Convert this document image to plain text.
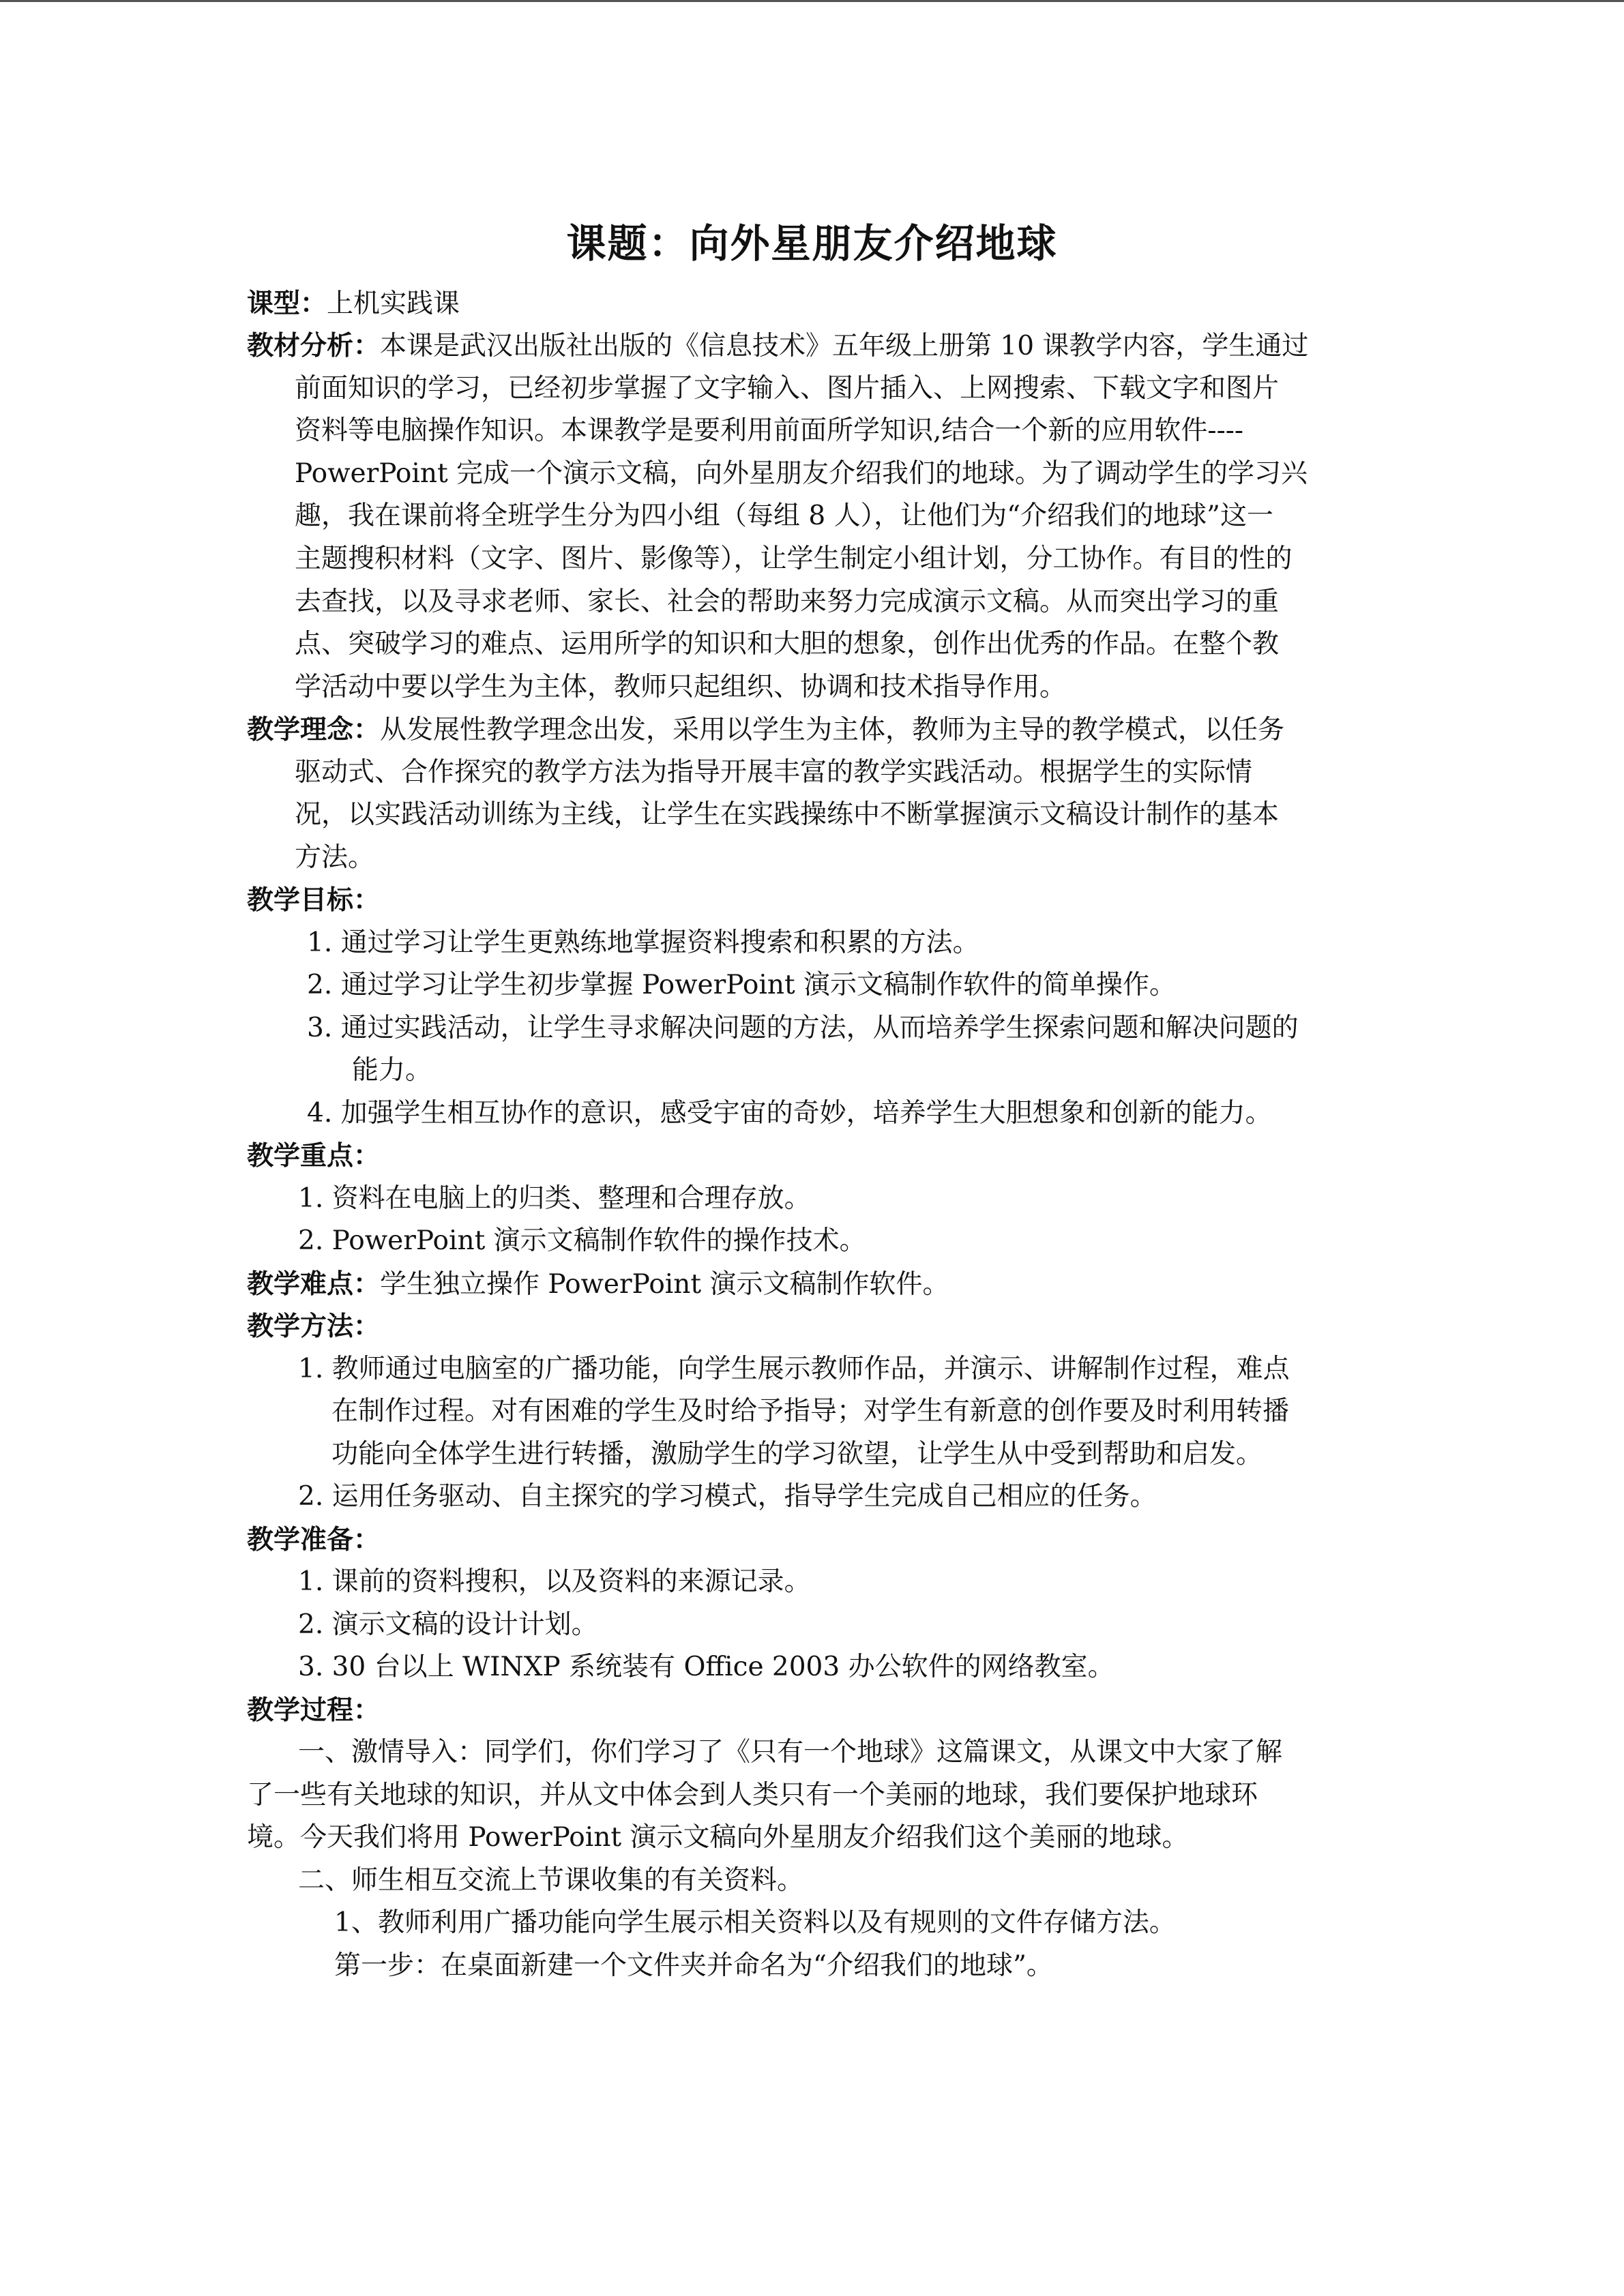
课题：向外星朋友介绍地球
课型：上机实践课
教材分析：本课是武汉出版社出版的《信息技术》五年级上册第 10 课教学内容，学生通过
前面知识的学习，已经初步掌握了文字输入、图片插入、上网搜索、下载文字和图片
资料等电脑操作知识。本课教学是要利用前面所学知识,结合一个新的应用软件----
PowerPoint 完成一个演示文稿，向外星朋友介绍我们的地球。为了调动学生的学习兴
趣，我在课前将全班学生分为四小组（每组 8 人），让他们为“介绍我们的地球”这一
主题搜积材料（文字、图片、影像等），让学生制定小组计划，分工协作。有目的性的
去查找，以及寻求老师、家长、社会的帮助来努力完成演示文稿。从而突出学习的重
点、突破学习的难点、运用所学的知识和大胆的想象，创作出优秀的作品。在整个教
学活动中要以学生为主体，教师只起组织、协调和技术指导作用。
教学理念：从发展性教学理念出发，采用以学生为主体，教师为主导的教学模式，以任务
驱动式、合作探究的教学方法为指导开展丰富的教学实践活动。根据学生的实际情
况，以实践活动训练为主线，让学生在实践操练中不断掌握演示文稿设计制作的基本
方法。
教学目标：
1. 通过学习让学生更熟练地掌握资料搜索和积累的方法。
2. 通过学习让学生初步掌握 PowerPoint 演示文稿制作软件的简单操作。
3. 通过实践活动，让学生寻求解决问题的方法，从而培养学生探索问题和解决问题的
能力。
4. 加强学生相互协作的意识，感受宇宙的奇妙，培养学生大胆想象和创新的能力。
教学重点：
1. 资料在电脑上的归类、整理和合理存放。
2. PowerPoint 演示文稿制作软件的操作技术。
教学难点：学生独立操作 PowerPoint 演示文稿制作软件。
教学方法：
1. 教师通过电脑室的广播功能，向学生展示教师作品，并演示、讲解制作过程，难点
在制作过程。对有困难的学生及时给予指导；对学生有新意的创作要及时利用转播
功能向全体学生进行转播，激励学生的学习欲望，让学生从中受到帮助和启发。
2. 运用任务驱动、自主探究的学习模式，指导学生完成自己相应的任务。
教学准备：
1. 课前的资料搜积，以及资料的来源记录。
2. 演示文稿的设计计划。
3. 30 台以上 WINXP 系统装有 Office 2003 办公软件的网络教室。
教学过程：
一、激情导入：同学们，你们学习了《只有一个地球》这篇课文，从课文中大家了解
了一些有关地球的知识，并从文中体会到人类只有一个美丽的地球，我们要保护地球环
境。今天我们将用 PowerPoint 演示文稿向外星朋友介绍我们这个美丽的地球。
二、师生相互交流上节课收集的有关资料。
1、教师利用广播功能向学生展示相关资料以及有规则的文件存储方法。
第一步：在桌面新建一个文件夹并命名为“介绍我们的地球”。
